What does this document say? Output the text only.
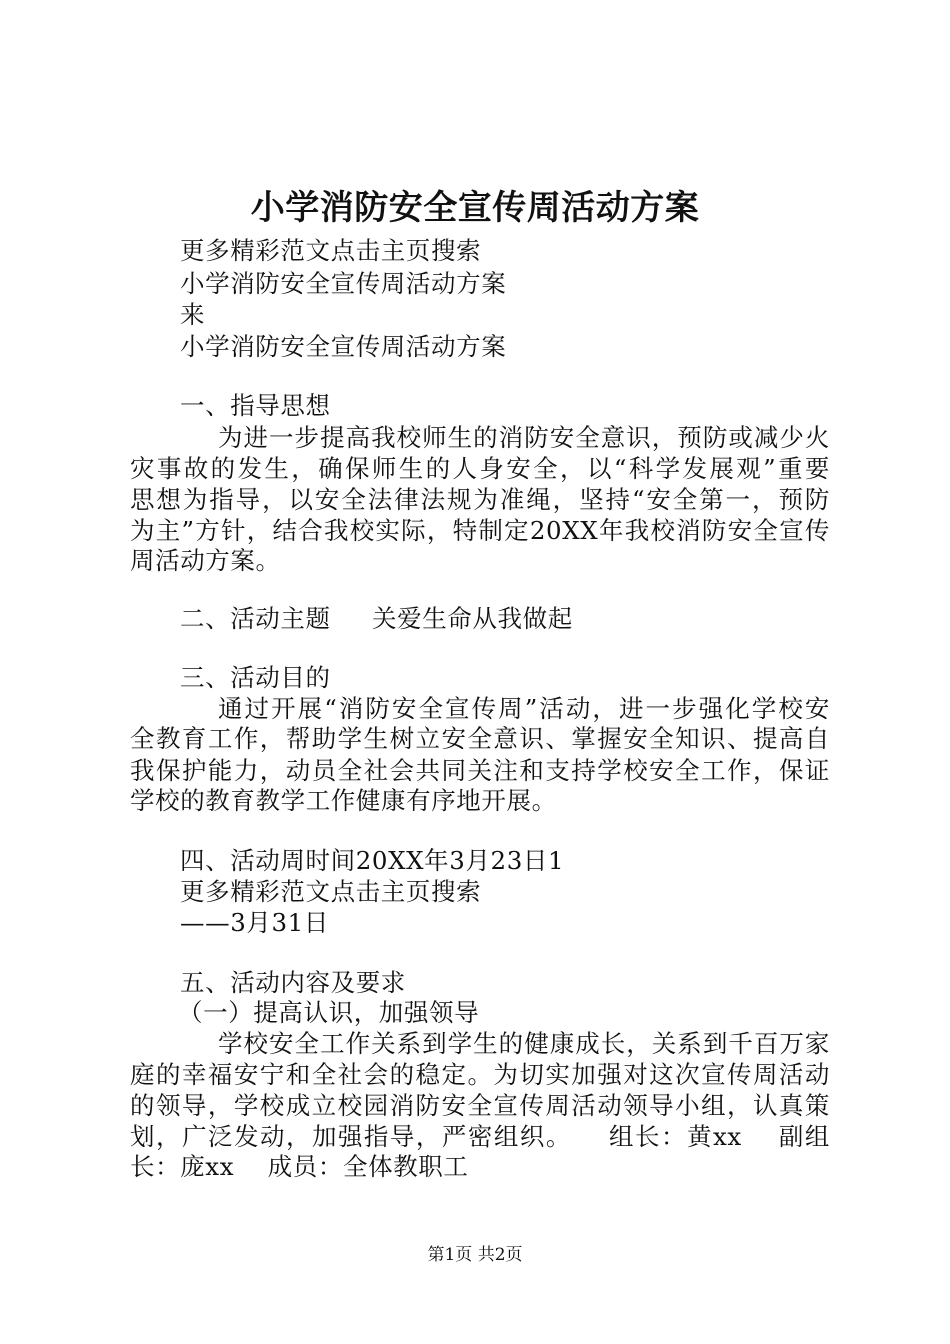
小学消防安全宣传周活动方案
更多精彩范文点击主页搜索
小学消防安全宣传周活动方案
来
小学消防安全宣传周活动方案
一、指导思想
为进一步提高我校师生的消防安全意识，预防或减少火
灾事故的发生，确保师生的人身安全，以“科学发展观”重要
思想为指导，以安全法律法规为准绳，坚持“安全第一，预防
为主”方针，结合我校实际，特制定20XX年我校消防安全宣传
周活动方案。
二、活动主题	关爱生命从我做起
三、活动目的
通过开展“消防安全宣传周”活动，进一步强化学校安
全教育工作，帮助学生树立安全意识、掌握安全知识、提高自
我保护能力，动员全社会共同关注和支持学校安全工作，保证
学校的教育教学工作健康有序地开展。
四、活动周时间20XX年3月23日1
更多精彩范文点击主页搜索
——3月31日
五、活动内容及要求
（一）提高认识，加强领导
学校安全工作关系到学生的健康成长，关系到千百万家
庭的幸福安宁和全社会的稳定。为切实加强对这次宣传周活动
的领导，学校成立校园消防安全宣传周活动领导小组，认真策
划，广泛发动，加强指导，严密组织。    组长：黄xx    副组
长：庞xx    成员：全体教职工
第1页 共2页
